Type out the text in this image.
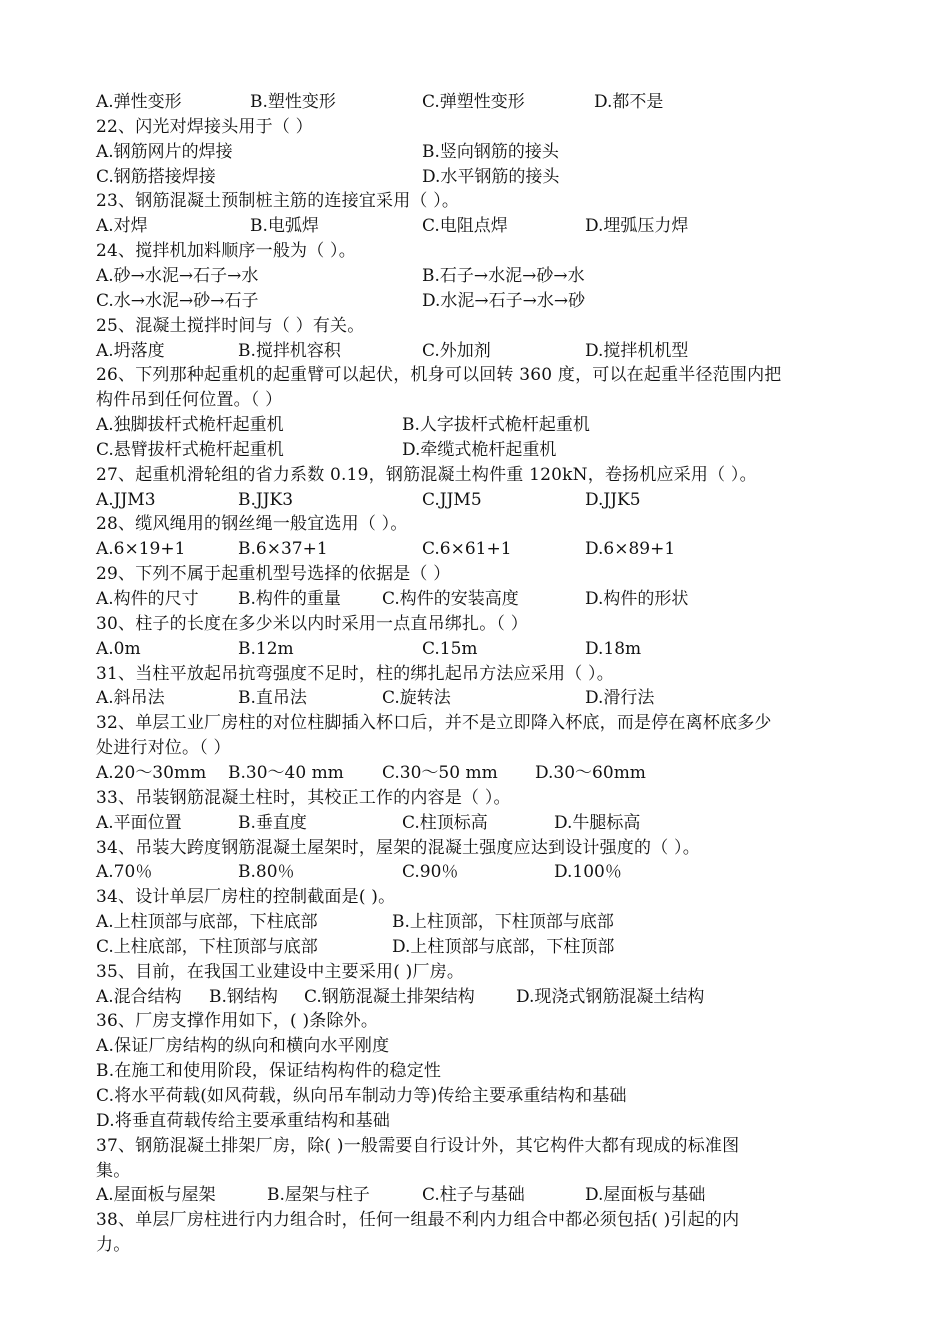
A.弹性变形	B.塑性变形	C.弹塑性变形	D.都不是
22、闪光对焊接头用于（ ）
A.钢筋网片的焊接	B.竖向钢筋的接头
C.钢筋搭接焊接	D.水平钢筋的接头
23、钢筋混凝土预制桩主筋的连接宜采用（ ）。
A.对焊	B.电弧焊	C.电阻点焊	D.埋弧压力焊
24、搅拌机加料顺序一般为（ ）。
A.砂→水泥→石子→水	B.石子→水泥→砂→水
C.水→水泥→砂→石子	D.水泥→石子→水→砂
25、混凝土搅拌时间与（ ）有关。
A.坍落度	B.搅拌机容积	C.外加剂	D.搅拌机机型
26、下列那种起重机的起重臂可以起伏，机身可以回转 360 度，可以在起重半径范围内把
构件吊到任何位置。（ ）
A.独脚拔杆式桅杆起重机	B.人字拔杆式桅杆起重机
C.悬臂拔杆式桅杆起重机	D.牵缆式桅杆起重机
27、起重机滑轮组的省力系数 0.19，钢筋混凝土构件重 120kN，卷扬机应采用（ ）。
A.JJM3	B.JJK3	C.JJM5	D.JJK5
28、缆风绳用的钢丝绳一般宜选用（ ）。
A.6×19+1	B.6×37+1	C.6×61+1	D.6×89+1
29、下列不属于起重机型号选择的依据是（ ）
A.构件的尺寸 B.构件的重量 C.构件的安装高度	D.构件的形状
30、柱子的长度在多少米以内时采用一点直吊绑扎。（ ）
A.0m	B.12m	C.15m	D.18m
31、当柱平放起吊抗弯强度不足时，柱的绑扎起吊方法应采用（ ）。
A.斜吊法	B.直吊法	C.旋转法	D.滑行法
32、单层工业厂房柱的对位柱脚插入杯口后，并不是立即降入杯底，而是停在离杯底多少
处进行对位。（ ）
A.20～30mm B.30～40 mm C.30～50 mm D.30～60mm
33、吊装钢筋混凝土柱时，其校正工作的内容是（ ）。
A.平面位置	B.垂直度	C.柱顶标高	D.牛腿标高
34、吊装大跨度钢筋混凝土屋架时，屋架的混凝土强度应达到设计强度的（ ）。
A.70％	B.80％	C.90％	D.100％
34、设计单层厂房柱的控制截面是( )。
A.上柱顶部与底部，下柱底部	B.上柱顶部，下柱顶部与底部
C.上柱底部，下柱顶部与底部	D.上柱顶部与底部，下柱顶部
35、目前，在我国工业建设中主要采用( )厂房。
A.混合结构 B.钢结构 C.钢筋混凝土排架结构 D.现浇式钢筋混凝土结构
36、厂房支撑作用如下，( )条除外。
A.保证厂房结构的纵向和横向水平刚度
B.在施工和使用阶段，保证结构构件的稳定性
C.将水平荷载(如风荷载，纵向吊车制动力等)传给主要承重结构和基础
D.将垂直荷载传给主要承重结构和基础
37、钢筋混凝土排架厂房，除( )一般需要自行设计外，其它构件大都有现成的标准图
集。
A.屋面板与屋架	B.屋架与柱子	C.柱子与基础	D.屋面板与基础
38、单层厂房柱进行内力组合时，任何一组最不利内力组合中都必须包括( )引起的内
力。
